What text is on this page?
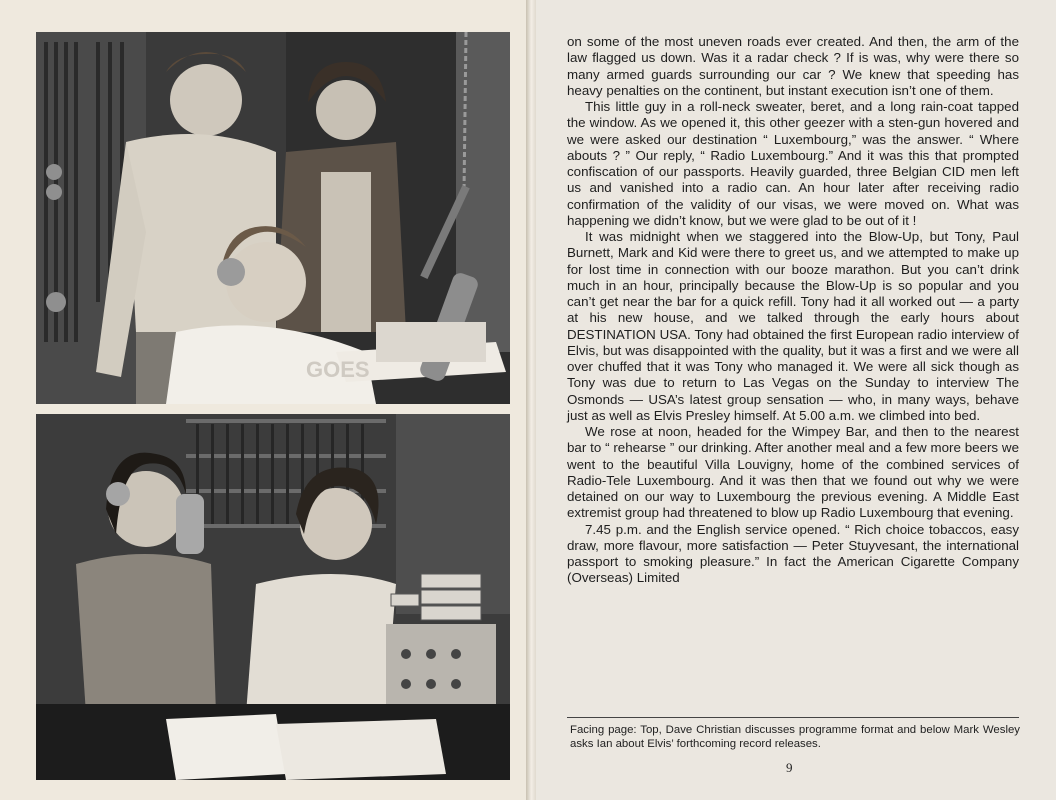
GOES

on some of the most uneven roads ever created. And then, the arm of the law flagged us down. Was it a radar check ? If is was, why were there so many armed guards surrounding our car ? We knew that speeding has heavy penalties on the continent, but instant execution isn’t one of them.

This little guy in a roll-neck sweater, beret, and a long rain-coat tapped the window. As we opened it, this other geezer with a sten-gun hovered and we were asked our destination “ Luxembourg,” was the answer. “ Where abouts ? ” Our reply, “ Radio Luxembourg.” And it was this that prompted confiscation of our passports. Heavily guarded, three Belgian CID men left us and vanished into a radio can. An hour later after receiving radio confirmation of the validity of our visas, we were moved on. What was happening we didn’t know, but we were glad to be out of it !

It was midnight when we staggered into the Blow-Up, but Tony, Paul Burnett, Mark and Kid were there to greet us, and we attempted to make up for lost time in connection with our booze marathon. But you can’t drink much in an hour, principally because the Blow-Up is so popular and you can’t get near the bar for a quick refill. Tony had it all worked out — a party at his new house, and we talked through the early hours about DESTINATION USA. Tony had obtained the first European radio interview of Elvis, but was disappointed with the quality, but it was a first and we were all over chuffed that it was Tony who managed it. We were all sick though as Tony was due to return to Las Vegas on the Sunday to interview The Osmonds — USA’s latest group sensation — who, in many ways, behave just as well as Elvis Presley himself. At 5.00 a.m. we climbed into bed.

We rose at noon, headed for the Wimpey Bar, and then to the nearest bar to “ rehearse ” our drinking. After another meal and a few more beers we went to the beautiful Villa Louvigny, home of the combined services of Radio-Tele Luxembourg. And it was then that we found out why we were detained on our way to Luxembourg the previous evening. A Middle East extremist group had threatened to blow up Radio Luxembourg that evening.

7.45 p.m. and the English service opened. “ Rich choice tobaccos, easy draw, more flavour, more satisfaction — Peter Stuyvesant, the international passport to smoking pleasure.” In fact the American Cigarette Company (Overseas) Limited

Facing page: Top, Dave Christian discusses programme format and below Mark Wesley asks Ian about Elvis’ forthcoming record releases.
9
